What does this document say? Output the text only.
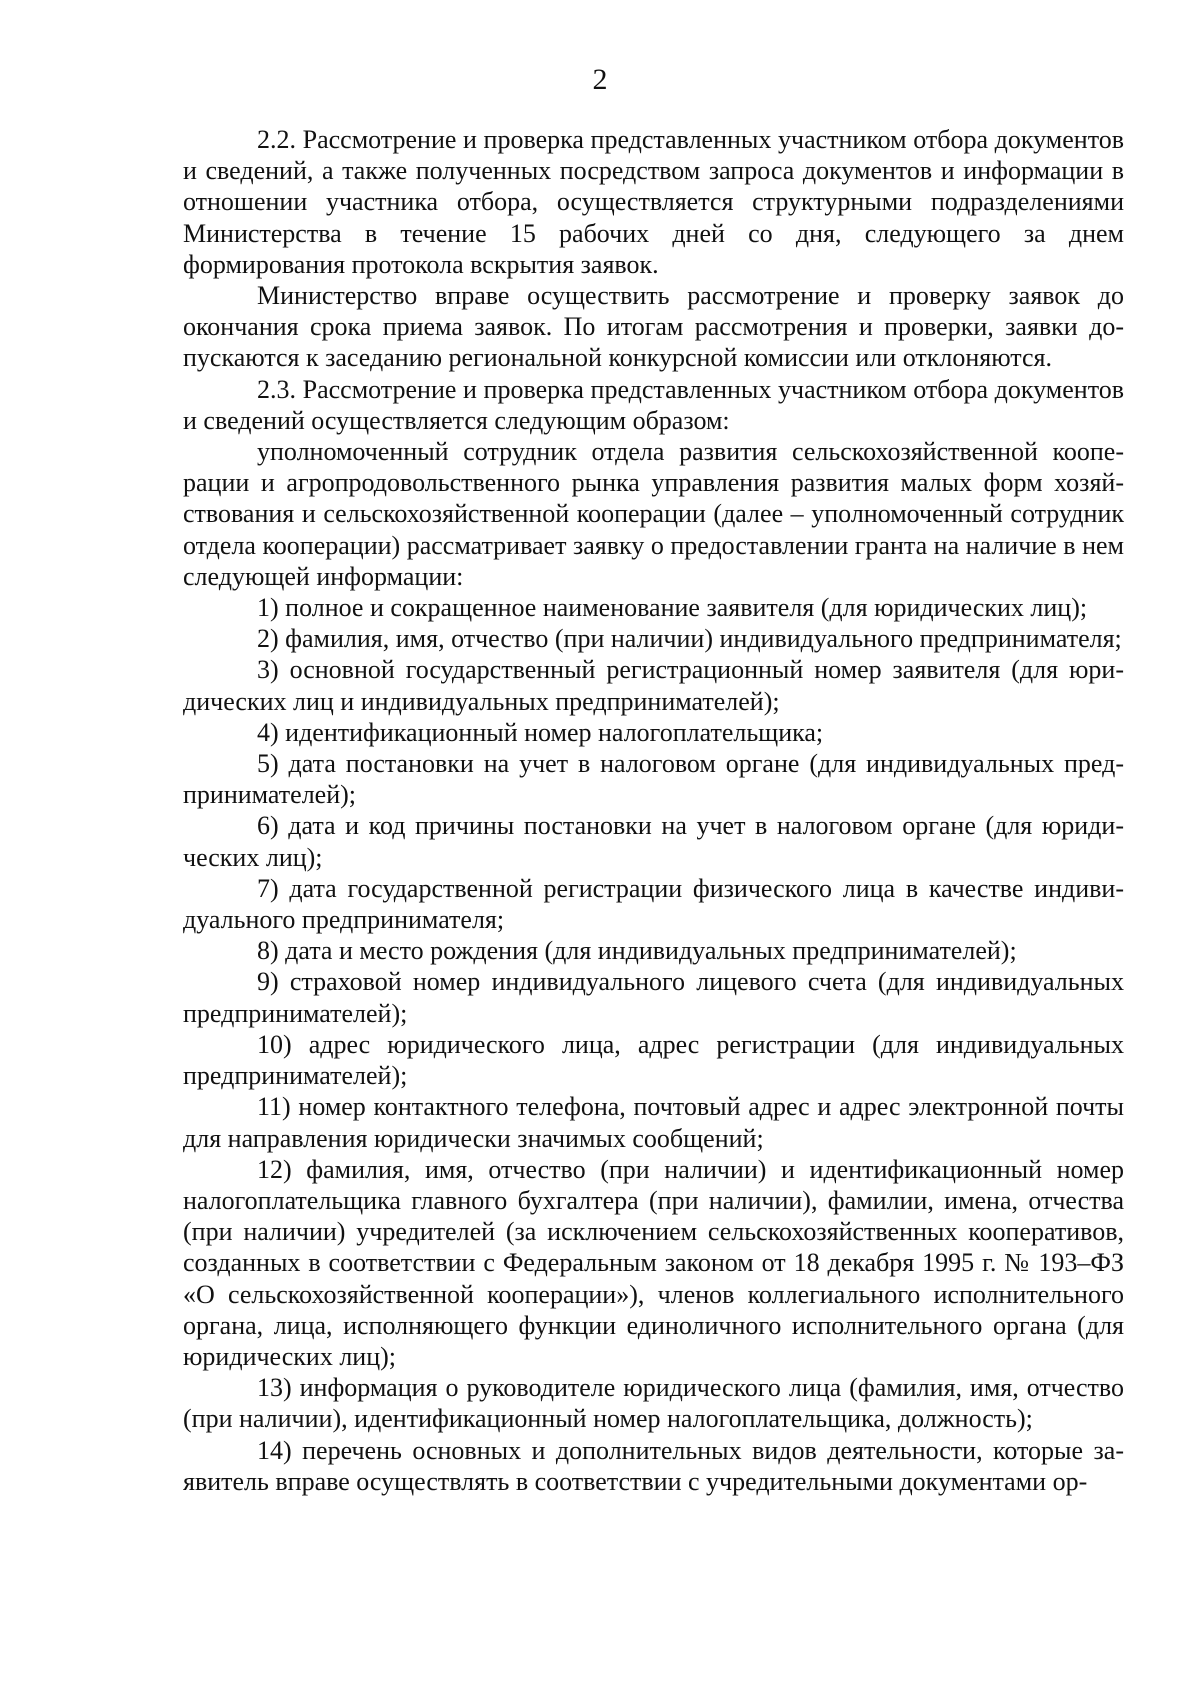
2

2.2. Рассмотрение и проверка представленных участником отбора документов и сведений, а также полученных посредством запроса документов и информации в отношении участника отбора, осуществляется структурными подразделениями Министерства в течение 15 рабочих дней со дня, следующего за днем формирования протокола вскрытия заявок.

Министерство вправе осуществить рассмотрение и проверку заявок до окончания срока приема заявок. По итогам рассмотрения и проверки, заявки допускаются к заседанию региональной конкурсной комиссии или отклоняются.

2.3. Рассмотрение и проверка представленных участником отбора документов и сведений осуществляется следующим образом:

уполномоченный сотрудник отдела развития сельскохозяйственной кооперации и агропродовольственного рынка управления развития малых форм хозяйствования и сельскохозяйственной кооперации (далее – уполномоченный сотрудник отдела кооперации) рассматривает заявку о предоставлении гранта на наличие в нем следующей информации:

1) полное и сокращенное наименование заявителя (для юридических лиц);

2) фамилия, имя, отчество (при наличии) индивидуального предпринимателя;

3) основной государственный регистрационный номер заявителя (для юридических лиц и индивидуальных предпринимателей);

4) идентификационный номер налогоплательщика;

5) дата постановки на учет в налоговом органе (для индивидуальных предпринимателей);

6) дата и код причины постановки на учет в налоговом органе (для юридических лиц);

7) дата государственной регистрации физического лица в качестве индивидуального предпринимателя;

8) дата и место рождения (для индивидуальных предпринимателей);

9) страховой номер индивидуального лицевого счета (для индивидуальных предпринимателей);

10) адрес юридического лица, адрес регистрации (для индивидуальных предпринимателей);

11) номер контактного телефона, почтовый адрес и адрес электронной почты для направления юридически значимых сообщений;

12) фамилия, имя, отчество (при наличии) и идентификационный номер налогоплательщика главного бухгалтера (при наличии), фамилии, имена, отчества (при наличии) учредителей (за исключением сельскохозяйственных кооперативов, созданных в соответствии с Федеральным законом от 18 декабря 1995 г. № 193–ФЗ «О сельскохозяйственной кооперации»), членов коллегиального исполнительного органа, лица, исполняющего функции единоличного исполнительного органа (для юридических лиц);

13) информация о руководителе юридического лица (фамилия, имя, отчество (при наличии), идентификационный номер налогоплательщика, должность);

14) перечень основных и дополнительных видов деятельности, которые заявитель вправе осуществлять в соответствии с учредительными документами ор-
